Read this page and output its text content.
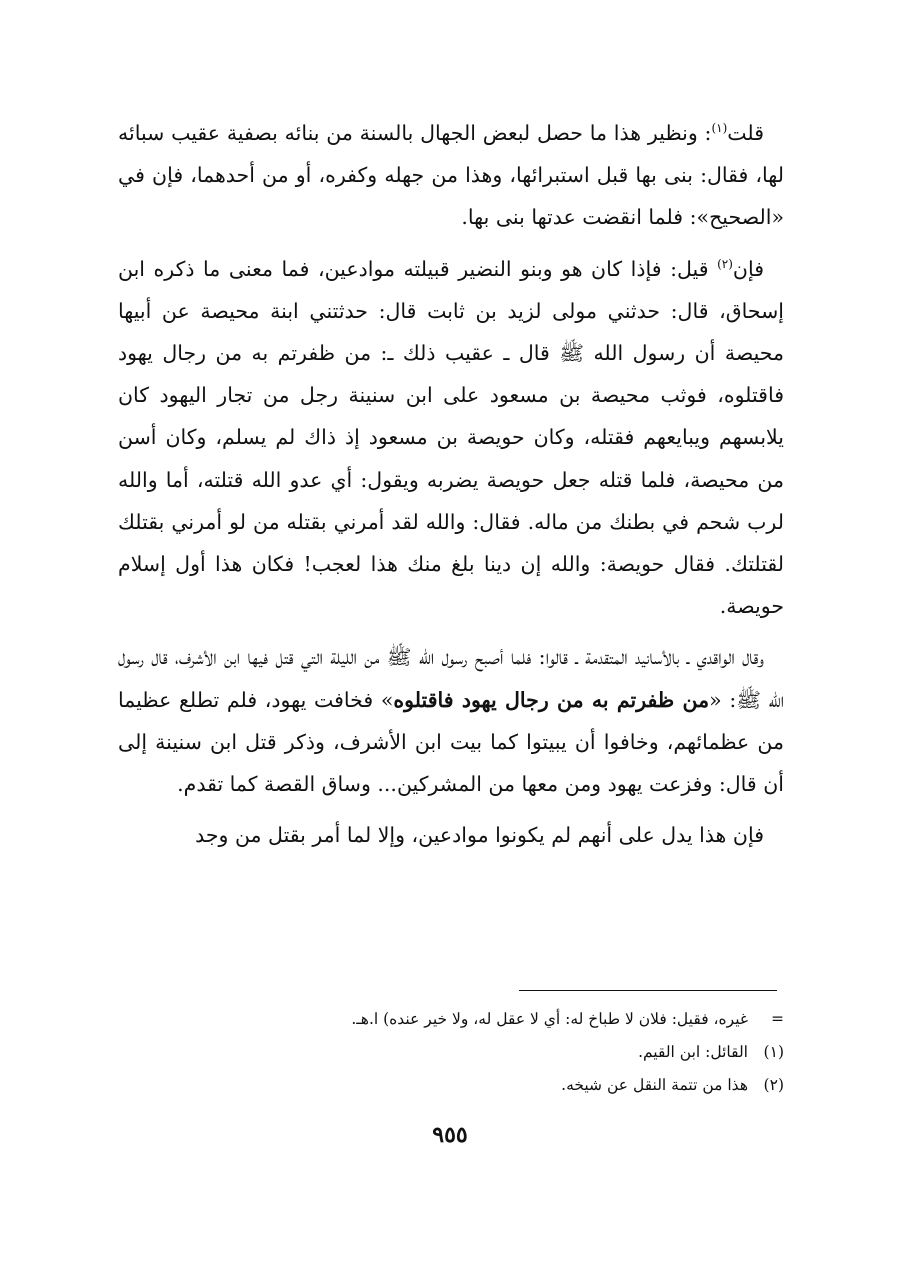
قلت$^{(١)}$: ونظير هذا ما حصل لبعض الجهال بالسنة من بنائه بصفية عقيب سبائه لها، فقال: بنى بها قبل استبرائها، وهذا من جهله وكفره، أو من أحدهما، فإن في «الصحيح»: فلما انقضت عدتها بنى بها.

فإن$^{(٢)}$ قيل: فإذا كان هو وبنو النضير قبيلته موادعين، فما معنى ما ذكره ابن إسحاق، قال: حدثني مولى لزيد بن ثابت قال: حدثتني ابنة محيصة عن أبيها محيصة أن رسول الله ﷺ قال ـ عقيب ذلك ـ: من ظفرتم به من رجال يهود فاقتلوه، فوثب محيصة بن مسعود على ابن سنينة رجل من تجار اليهود كان يلابسهم ويبايعهم فقتله، وكان حويصة بن مسعود إذ ذاك لم يسلم، وكان أسن من محيصة، فلما قتله جعل حويصة يضربه ويقول: أي عدو الله قتلته، أما والله لرب شحم في بطنك من ماله. فقال: والله لقد أمرني بقتله من لو أمرني بقتلك لقتلتك. فقال حويصة: والله إن دينا بلغ منك هذا لعجب! فكان هذا أول إسلام حويصة.

وقال الواقدي ـ بالأسانيد المتقدمة ـ قالوا: فلما أصبح رسول الله ﷺ من الليلة التي قتل فيها ابن الأشرف، قال رسول الله ﷺ: «من ظفرتم به من رجال يهود فاقتلوه» فخافت يهود، فلم تطلع عظيما من عظمائهم، وخافوا أن يبيتوا كما بيت ابن الأشرف، وذكر قتل ابن سنينة إلى أن قال: وفزعت يهود ومن معها من المشركين... وساق القصة كما تقدم.

فإن هذا يدل على أنهم لم يكونوا موادعين، وإلا لما أمر بقتل من وجد

=غيره، فقيل: فلان لا طباخ له: أي لا عقل له، ولا خير عنده) ا.هـ.

(١)القائل: ابن القيم.

(٢)هذا من تتمة النقل عن شيخه.

٩٥٥
